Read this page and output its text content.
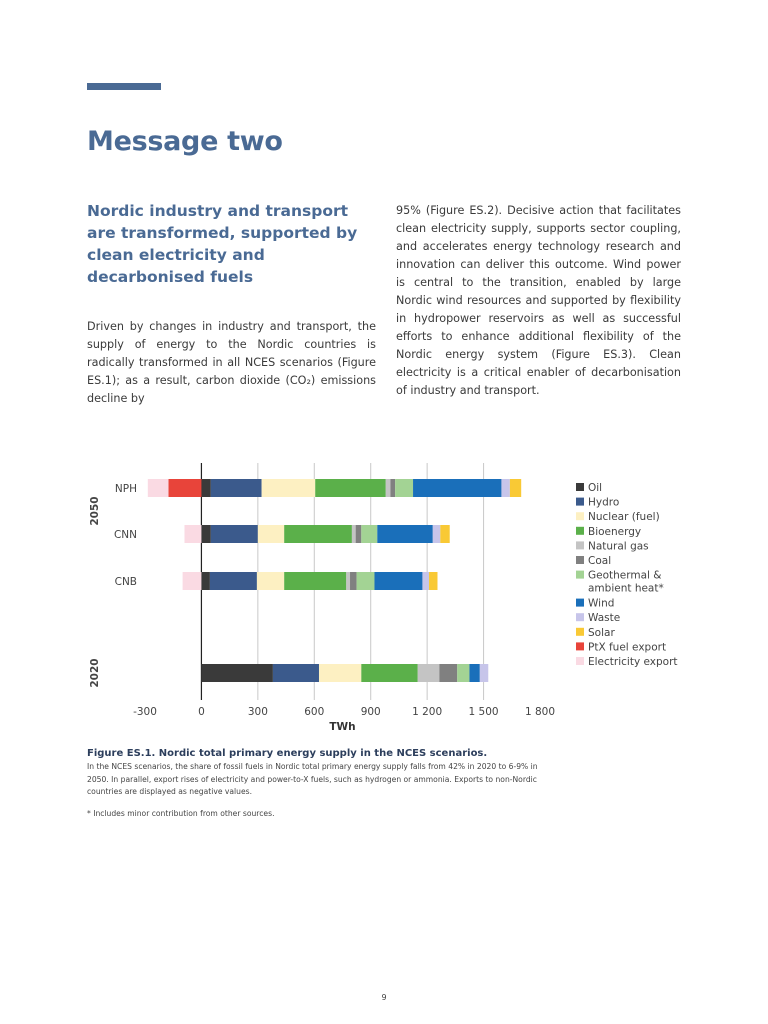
Message two
Nordic industry and transport are transformed, supported by clean electricity and decarbonised fuels

Driven by changes in industry and transport, the supply of energy to the Nordic countries is radically transformed in all NCES scenarios (Figure ES.1); as a result, carbon dioxide (CO₂) emissions decline by

95% (Figure ES.2). Decisive action that facilitates clean electricity supply, supports sector coupling, and accelerates energy technology research and innovation can deliver this outcome. Wind power is central to the transition, enabled by large Nordic wind resources and supported by flexibility in hydropower reservoirs as well as successful efforts to enhance additional flexibility of the Nordic energy system (Figure ES.3). Clean electricity is a critical enabler of decarbonisation of industry and transport.

NPH
CNN
CNB
2050
2020
-300	0	300	600	900	1 200	1 500	1 800
TWh
Oil
Hydro
Nuclear (fuel)
Bioenergy
Natural gas
Coal
Geothermal & ambient heat*
Wind
Waste
Solar
PtX fuel export
Electricity export

Figure ES.1. Nordic total primary energy supply in the NCES scenarios.

In the NCES scenarios, the share of fossil fuels in Nordic total primary energy supply falls from 42% in 2020 to 6-9% in 2050. In parallel, export rises of electricity and power-to-X fuels, such as hydrogen or ammonia. Exports to non-Nordic countries are displayed as negative values.

* Includes minor contribution from other sources.

9
